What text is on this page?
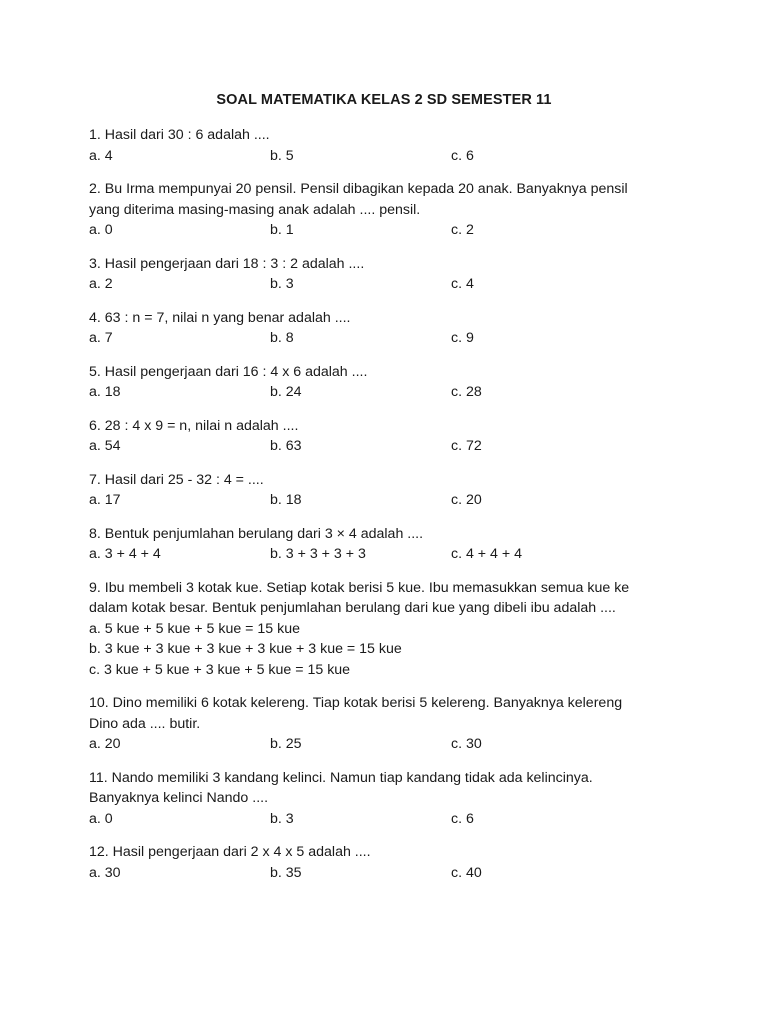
SOAL MATEMATIKA KELAS 2 SD SEMESTER 11
1. Hasil dari 30 : 6 adalah ....
a. 4	b. 5	c. 6
2. Bu Irma mempunyai 20 pensil. Pensil dibagikan kepada 20 anak. Banyaknya pensil
yang diterima masing-masing anak adalah .... pensil.
a. 0	b. 1	c. 2
3. Hasil pengerjaan dari 18 : 3 : 2 adalah ....
a. 2	b. 3	c. 4
4. 63 : n = 7, nilai n yang benar adalah ....
a. 7	b. 8	c. 9
5. Hasil pengerjaan dari 16 : 4 x 6 adalah ....
a. 18	b. 24	c. 28
6. 28 : 4 x 9 = n, nilai n adalah ....
a. 54	b. 63	c. 72
7. Hasil dari 25 - 32 : 4 = ....
a. 17	b. 18	c. 20
8. Bentuk penjumlahan berulang dari 3 × 4 adalah ....
a. 3 + 4 + 4	b. 3 + 3 + 3 + 3	c. 4 + 4 + 4
9. Ibu membeli 3 kotak kue. Setiap kotak berisi 5 kue. Ibu memasukkan semua kue ke
dalam kotak besar. Bentuk penjumlahan berulang dari kue yang dibeli ibu adalah ....
a. 5 kue + 5 kue + 5 kue = 15 kue
b. 3 kue + 3 kue + 3 kue + 3 kue + 3 kue = 15 kue
c. 3 kue + 5 kue + 3 kue + 5 kue = 15 kue
10. Dino memiliki 6 kotak kelereng. Tiap kotak berisi 5 kelereng. Banyaknya kelereng
Dino ada .... butir.
a. 20	b. 25	c. 30
11. Nando memiliki 3 kandang kelinci. Namun tiap kandang tidak ada kelincinya.
Banyaknya kelinci Nando ....
a. 0	b. 3	c. 6
12. Hasil pengerjaan dari 2 x 4 x 5 adalah ....
a. 30	b. 35	c. 40
